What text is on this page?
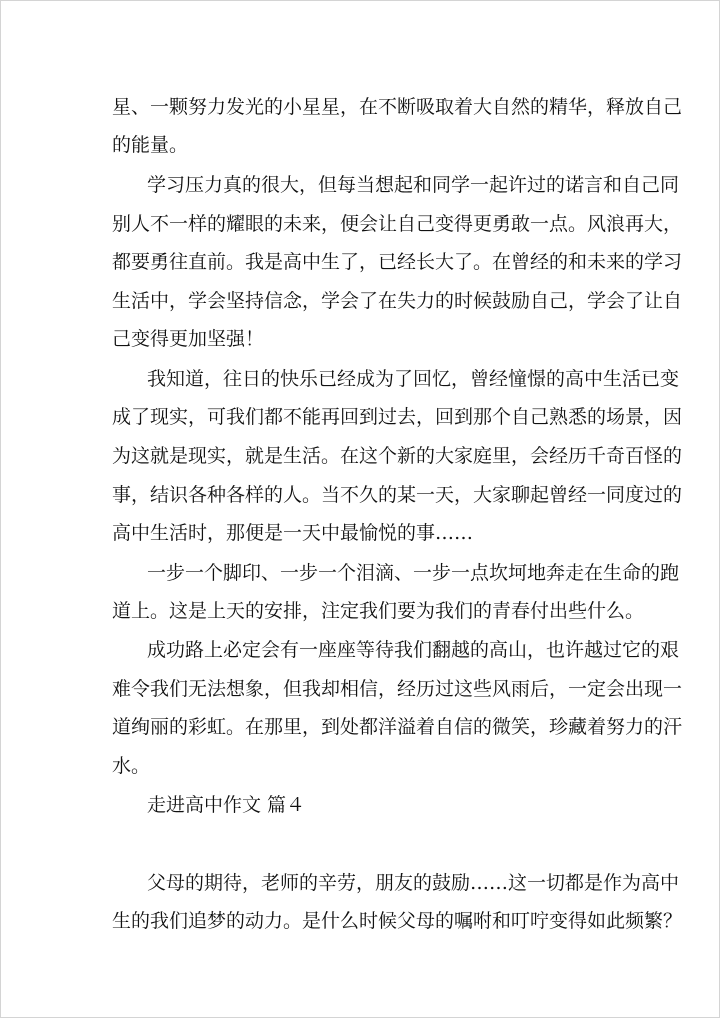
星、一颗努力发光的小星星，在不断吸取着大自然的精华，释放自己
的能量。
学习压力真的很大，但每当想起和同学一起许过的诺言和自己同
别人不一样的耀眼的未来，便会让自己变得更勇敢一点。风浪再大，
都要勇往直前。我是高中生了，已经长大了。在曾经的和未来的学习
生活中，学会坚持信念，学会了在失力的时候鼓励自己，学会了让自
己变得更加坚强！
我知道，往日的快乐已经成为了回忆，曾经憧憬的高中生活已变
成了现实，可我们都不能再回到过去，回到那个自己熟悉的场景，因
为这就是现实，就是生活。在这个新的大家庭里，会经历千奇百怪的
事，结识各种各样的人。当不久的某一天，大家聊起曾经一同度过的
高中生活时，那便是一天中最愉悦的事……
一步一个脚印、一步一个泪滴、一步一点坎坷地奔走在生命的跑
道上。这是上天的安排，注定我们要为我们的青春付出些什么。
成功路上必定会有一座座等待我们翻越的高山，也许越过它的艰
难令我们无法想象，但我却相信，经历过这些风雨后，一定会出现一
道绚丽的彩虹。在那里，到处都洋溢着自信的微笑，珍藏着努力的汗
水。
走进高中作文 篇４
父母的期待，老师的辛劳，朋友的鼓励……这一切都是作为高中
生的我们追梦的动力。是什么时候父母的嘱咐和叮咛变得如此频繁？
